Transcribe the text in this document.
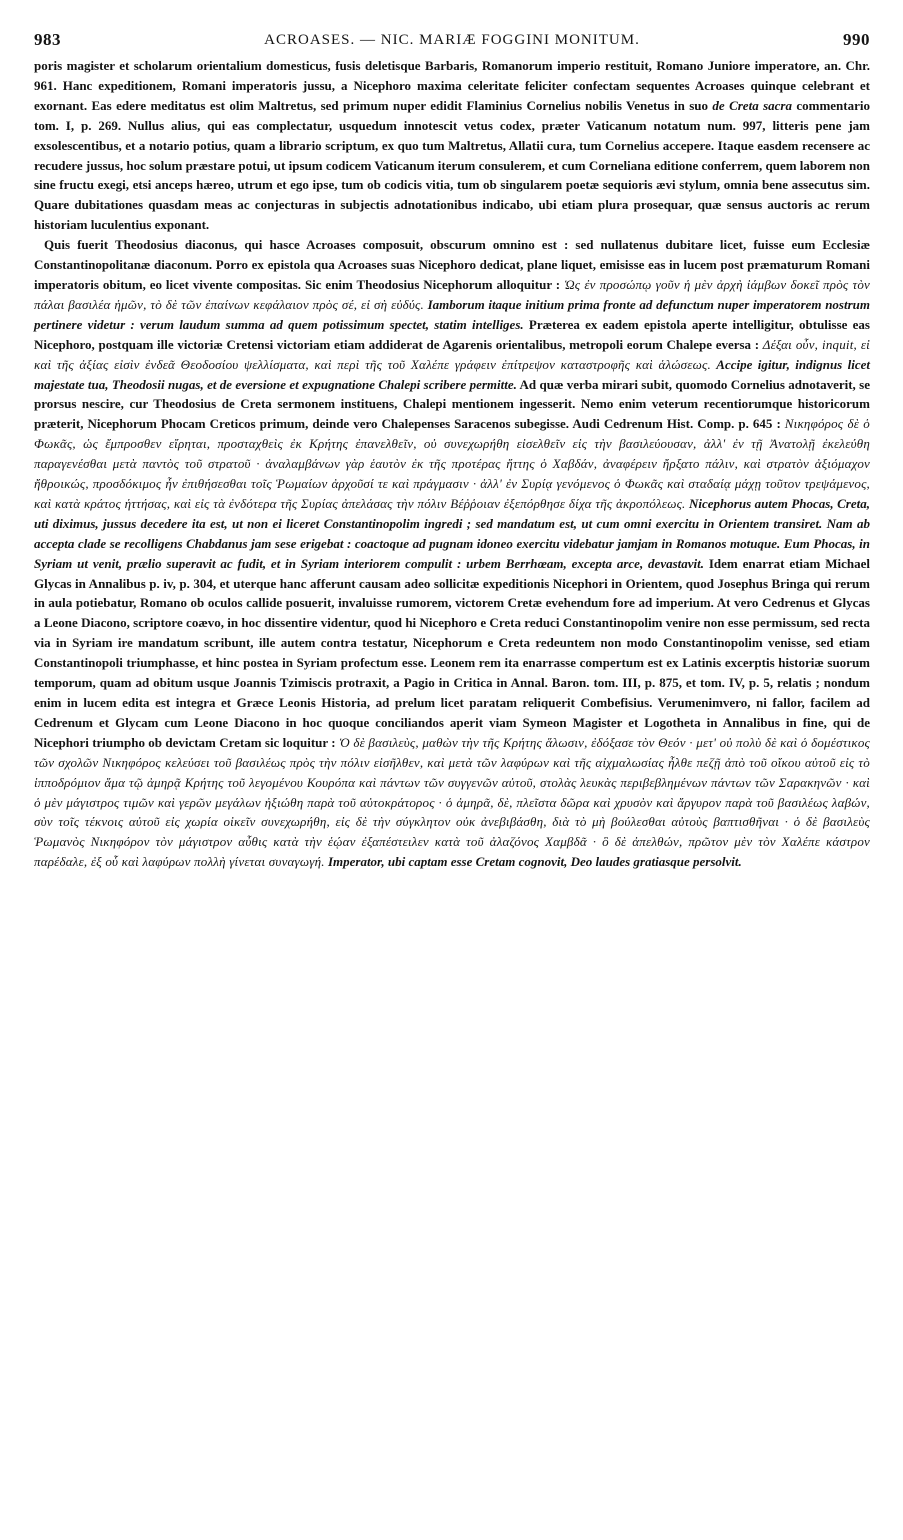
983	ACROASES. — NIC. MARIÆ FOGGINI MONITUM.	990

poris magister et scholarum orientalium domesticus, fusis deletisque Barbaris, Romanorum imperio restituit, Romano Juniore imperatore, an. Chr. 961. Hanc expeditionem, Romani imperatoris jussu, a Nicephoro maxima celeritate feliciter confectam sequentes Acroases quinque celebrant et exornant. Eas edere meditatus est olim Maltretus, sed primum nuper edidit Flaminius Cornelius nobilis Venetus in suo de Creta sacra commentario tom. I, p. 269. Nullus alius, qui eas complectatur, usquedum innotescit vetus codex, præter Vaticanum notatum num. 997, litteris pene jam exsolescentibus, et a notario potius, quam a librario scriptum, ex quo tum Maltretus, Allatii cura, tum Cornelius accepere. Itaque easdem recensere ac recudere jussus, hoc solum præstare potui, ut ipsum codicem Vaticanum iterum consulerem, et cum Corneliana editione conferrem, quem laborem non sine fructu exegi, etsi anceps hæreo, utrum et ego ipse, tum ob codicis vitia, tum ob singularem poetæ sequioris ævi stylum, omnia bene assecutus sim. Quare dubitationes quasdam meas ac conjecturas in subjectis adnotationibus indicabo, ubi etiam plura prosequar, quæ sensus auctoris ac rerum historiam luculentius exponant.

Quis fuerit Theodosius diaconus, qui hasce Acroases composuit, obscurum omnino est : sed nullatenus dubitare licet, fuisse eum Ecclesiæ Constantinopolitanæ diaconum. Porro ex epistola qua Acroases suas Nicephoro dedicat, plane liquet, emisisse eas in lucem post præmaturum Romani imperatoris obitum, eo licet vivente compositas. Sic enim Theodosius Nicephorum alloquitur : Ὡς ἐν προσώπῳ γοῦν ἡ μὲν ἀρχὴ ἰάμβων δοκεῖ πρὸς τὸν πάλαι βασιλέα ἡμῶν, τὸ δὲ τῶν ἐπαίνων κεφάλαιον πρὸς σέ, εἰ σὴ εὐδύς. Iamborum itaque initium prima fronte ad defunctum nuper imperatorem nostrum pertinere videtur : verum laudum summa ad quem potissimum spectet, statim intelliges. Præterea ex eadem epistola aperte intelligitur, obtulisse eas Nicephoro, postquam ille victoriæ Cretensi victoriam etiam addiderat de Agarenis orientalibus, metropoli eorum Chalepe eversa : Δέξαι οὖν, inquit, εἰ καὶ τῆς ἀξίας εἰσὶν ἐνδεᾶ Θεοδοσίου ψελλίσματα, καὶ περὶ τῆς τοῦ Χαλέπε γράφειν ἐπίτρεψον καταστροφῆς καὶ ἁλώσεως. Accipe igitur, indignus licet majestate tua, Theodosii nugas, et de eversione et expugnatione Chalepi scribere permitte. Ad quæ verba mirari subit, quomodo Cornelius adnotaverit, se prorsus nescire, cur Theodosius de Creta sermonem instituens, Chalepi mentionem ingesserit. Nemo enim veterum recentiorumque historicorum præterit, Nicephorum Phocam Creticos primum, deinde vero Chalepenses Saracenos subegisse. Audi Cedrenum Hist. Comp. p. 645 : Νικηφόρος δὲ ὁ Φωκᾶς, ὡς ἔμπροσθεν εἴρηται, προσταχθεὶς ἐκ Κρήτης ἐπανελθεῖν, οὐ συνεχωρήθη εἰσελθεῖν εἰς τὴν βασιλεύουσαν, ἀλλ' ἐν τῇ Ἀνατολῇ ἐκελεύθη παραγενέσθαι μετὰ παντὸς τοῦ στρατοῦ · ἀναλαμβάνων γὰρ ἑαυτὸν ἐκ τῆς προτέρας ἥττης ὁ Χαβδάν, ἀναφέρειν ἤρξατο πάλιν, καὶ στρατὸν ἀξιόμαχον ἤθροικώς, προσδόκιμος ἦν ἐπιθήσεσθαι τοῖς Ῥωμαίων ἀρχοῦσί τε καὶ πράγμασιν · ἀλλ' ἐν Συρίᾳ γενόμενος ὁ Φωκᾶς καὶ σταδαίᾳ μάχῃ τοῦτον τρεψάμενος, καὶ κατὰ κράτος ἡττήσας, καὶ εἰς τὰ ἐνδότερα τῆς Συρίας ἀπελάσας τὴν πόλιν Βέῤῥοιαν ἐξεπόρθησε δίχα τῆς ἀκροπόλεως. Nicephorus autem Phocas, Creta, uti diximus, jussus decedere ita est, ut non ei liceret Constantinopolim ingredi ; sed mandatum est, ut cum omni exercitu in Orientem transiret. Nam ab accepta clade se recolligens Chabdanus jam sese erigebat : coactoque ad pugnam idoneo exercitu videbatur jamjam in Romanos motuque. Eum Phocas, in Syriam ut venit, prælio superavit ac fudit, et in Syriam interiorem compulit : urbem Berrhœam, excepta arce, devastavit. Idem enarrat etiam Michael Glycas in Annalibus p. iv, p. 304, et uterque hanc afferunt causam adeo sollicitæ expeditionis Nicephori in Orientem, quod Josephus Bringa qui rerum in aula potiebatur, Romano ob oculos callide posuerit, invaluisse rumorem, victorem Cretæ evehendum fore ad imperium. At vero Cedrenus et Glycas a Leone Diacono, scriptore coævo, in hoc dissentire videntur, quod hi Nicephoro e Creta reduci Constantinopolim venire non esse permissum, sed recta via in Syriam ire mandatum scribunt, ille autem contra testatur, Nicephorum e Creta redeuntem non modo Constantinopolim venisse, sed etiam Constantinopoli triumphasse, et hinc postea in Syriam profectum esse. Leonem rem ita enarrasse compertum est ex Latinis excerptis historiæ suorum temporum, quam ad obitum usque Joannis Tzimiscis protraxit, a Pagio in Critica in Annal. Baron. tom. III, p. 875, et tom. IV, p. 5, relatis ; nondum enim in lucem edita est integra et Græce Leonis Historia, ad prelum licet paratam reliquerit Combefisius. Verumenimvero, ni fallor, facilem ad Cedrenum et Glycam cum Leone Diacono in hoc quoque conciliandos aperit viam Symeon Magister et Logotheta in Annalibus in fine, qui de Nicephori triumpho ob devictam Cretam sic loquitur : Ὁ δὲ βασιλεὺς, μαθὼν τὴν τῆς Κρήτης ἅλωσιν, ἐδόξασε τὸν Θεόν · μετ' οὐ πολὺ δὲ καὶ ὁ δομέστικος τῶν σχολῶν Νικηφόρος κελεύσει τοῦ βασιλέως πρὸς τὴν πόλιν εἰσῆλθεν, καὶ μετὰ τῶν λαφύρων καὶ τῆς αἰχμαλωσίας ἦλθε πεζῇ ἀπὸ τοῦ οἴκου αὐτοῦ εἰς τὸ ἱπποδρόμιον ἅμα τῷ ἀμηρᾷ Κρήτης τοῦ λεγομένου Κουρόπα καὶ πάντων τῶν συγγενῶν αὐτοῦ, στολὰς λευκὰς περιβεβλημένων πάντων τῶν Σαρακηνῶν · καὶ ὁ μὲν μάγιστρος τιμῶν καὶ γερῶν μεγάλων ἠξιώθη παρὰ τοῦ αὐτοκράτορος · ὁ ἀμηρᾶ, δὲ, πλεῖστα δῶρα καὶ χρυσὸν καὶ ἄργυρον παρὰ τοῦ βασιλέως λαβών, σὺν τοῖς τέκνοις αὐτοῦ εἰς χωρία οἰκεῖν συνεχωρήθη, εἰς δὲ τὴν σύγκλητον οὐκ ἀνεβιβάσθη, διὰ τὸ μὴ βούλεσθαι αὐτοὺς βαπτισθῆναι · ὁ δὲ βασιλεὺς Ῥωμανὸς Νικηφόρον τὸν μάγιστρον αὖθις κατὰ τὴν ἑῴαν ἐξαπέστειλεν κατὰ τοῦ ἀλαζόνος Χαμβδᾶ · ὃ δὲ ἀπελθών, πρῶτον μὲν τὸν Χαλέπε κάστρον παρέδαλε, ἐξ οὗ καὶ λαφύρων πολλὴ γίνεται συναγωγή. Imperator, ubi captam esse Cretam cognovit, Deo laudes gratiasque persolvit.
